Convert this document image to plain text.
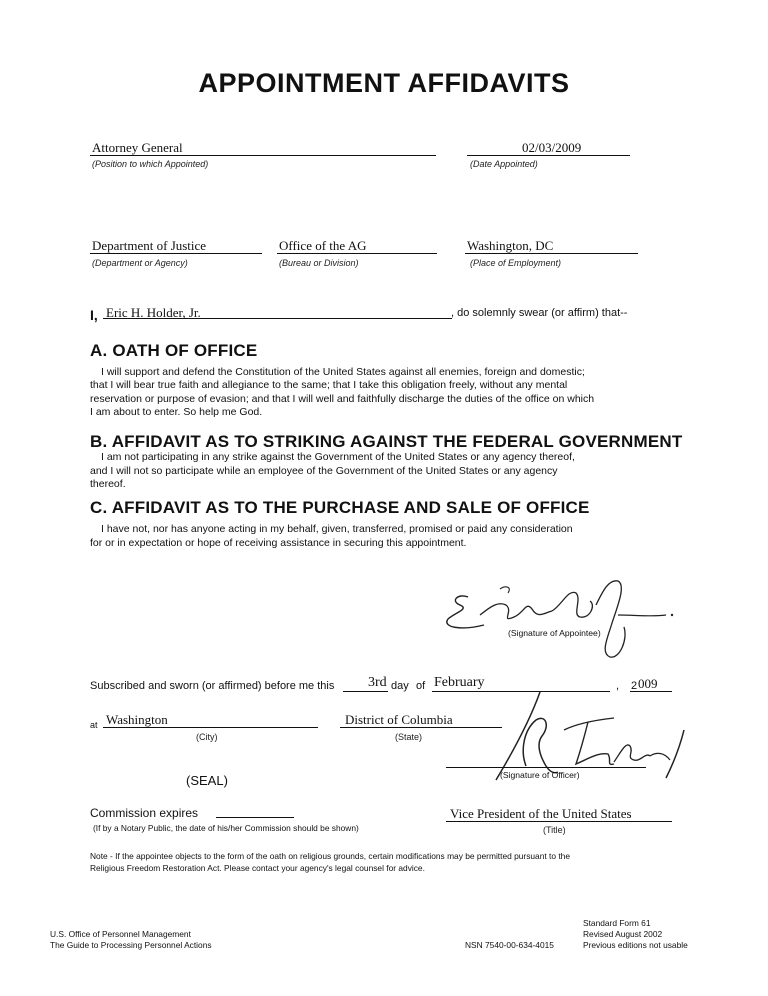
APPOINTMENT AFFIDAVITS
Attorney General
(Position to which Appointed)
02/03/2009
(Date Appointed)
Department of Justice
(Department or Agency)
Office of the AG
(Bureau or Division)
Washington, DC
(Place of Employment)
I, Eric H. Holder, Jr.	, do solemnly swear (or affirm) that--
A. OATH OF OFFICE
I will support and defend the Constitution of the United States against all enemies, foreign and domestic;
that I will bear true faith and allegiance to the same; that I take this obligation freely, without any mental
reservation or purpose of evasion; and that I will well and faithfully discharge the duties of the office on which
I am about to enter. So help me God.
B. AFFIDAVIT AS TO STRIKING AGAINST THE FEDERAL GOVERNMENT
I am not participating in any strike against the Government of the United States or any agency thereof,
and I will not so participate while an employee of the Government of the United States or any agency
thereof.
C. AFFIDAVIT AS TO THE PURCHASE AND SALE OF OFFICE
I have not, nor has anyone acting in my behalf, given, transferred, promised or paid any consideration
for or in expectation or hope of receiving assistance in securing this appointment.
(Signature of Appointee)
Subscribed and sworn (or affirmed) before me this 3rd day of February	, 2 009
at Washington
(City)
District of Columbia
(State)
(Signature of Officer)
(SEAL)
Commission expires
(If by a Notary Public, the date of his/her Commission should be shown)
Vice President of the United States
(Title)
Note - If the appointee objects to the form of the oath on religious grounds, certain modifications may be permitted pursuant to the
Religious Freedom Restoration Act. Please contact your agency's legal counsel for advice.
U.S. Office of Personnel Management
The Guide to Processing Personnel Actions	NSN 7540-00-634-4015
Standard Form 61
Revised August 2002
Previous editions not usable
